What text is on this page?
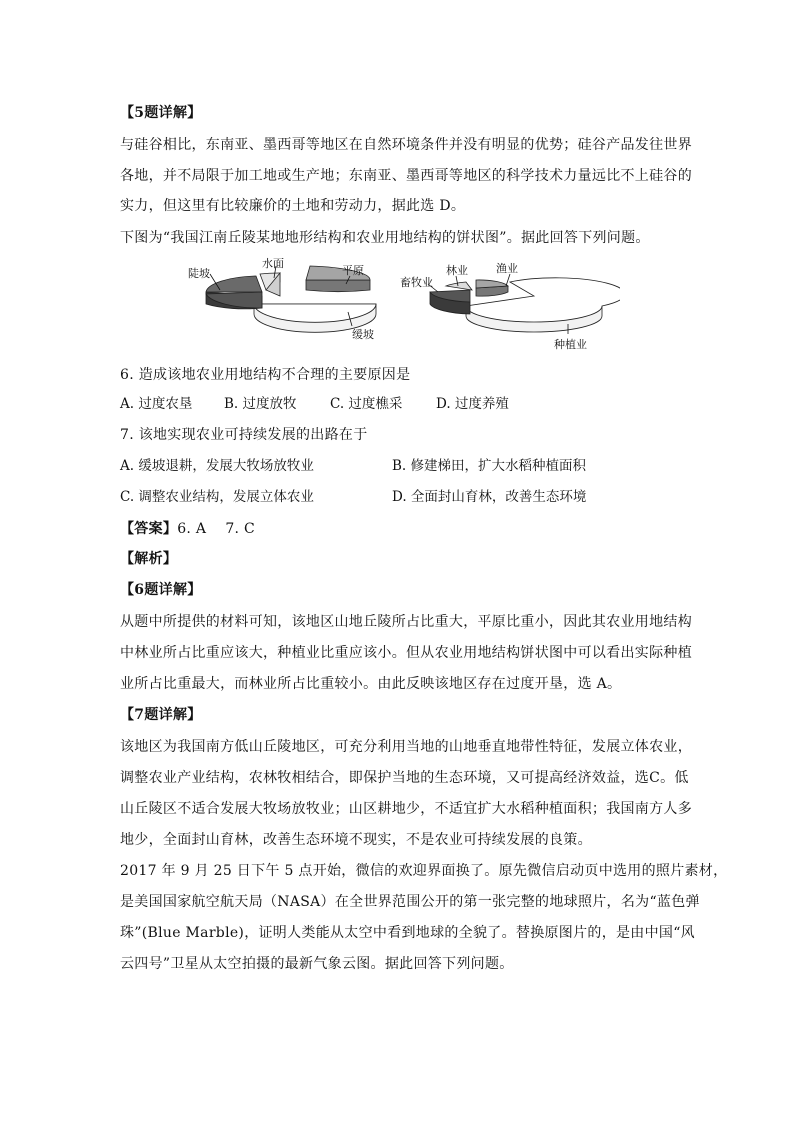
【5题详解】
与硅谷相比，东南亚、墨西哥等地区在自然环境条件并没有明显的优势；硅谷产品发往世界
各地，并不局限于加工地或生产地；东南亚、墨西哥等地区的科学技术力量远比不上硅谷的
实力，但这里有比较廉价的土地和劳动力，据此选 D。
下图为“我国江南丘陵某地地形结构和农业用地结构的饼状图”。据此回答下列问题。
陡坡
水面
平原
缓坡
畜牧业
林业	渔业
种植业
6. 造成该地农业用地结构不合理的主要原因是
A. 过度农垦 B. 过度放牧 C. 过度樵采 D. 过度养殖
7. 该地实现农业可持续发展的出路在于
A. 缓坡退耕，发展大牧场放牧业	B. 修建梯田，扩大水稻种植面积
C. 调整农业结构，发展立体农业	D. 全面封山育林，改善生态环境
【答案】6. A    7. C
【解析】
【6题详解】
从题中所提供的材料可知，该地区山地丘陵所占比重大，平原比重小，因此其农业用地结构
中林业所占比重应该大，种植业比重应该小。但从农业用地结构饼状图中可以看出实际种植
业所占比重最大，而林业所占比重较小。由此反映该地区存在过度开垦，选 A。
【7题详解】
该地区为我国南方低山丘陵地区，可充分利用当地的山地垂直地带性特征，发展立体农业，
调整农业产业结构，农林牧相结合，即保护当地的生态环境，又可提高经济效益，选C。低
山丘陵区不适合发展大牧场放牧业；山区耕地少，不适宜扩大水稻种植面积；我国南方人多
地少，全面封山育林，改善生态环境不现实，不是农业可持续发展的良策。
2017 年 9 月 25 日下午 5 点开始，微信的欢迎界面换了。原先微信启动页中选用的照片素材，
是美国国家航空航天局（NASA）在全世界范围公开的第一张完整的地球照片，名为“蓝色弹
珠”(Blue Marble)，证明人类能从太空中看到地球的全貌了。替换原图片的，是由中国“风
云四号”卫星从太空拍摄的最新气象云图。据此回答下列问题。
